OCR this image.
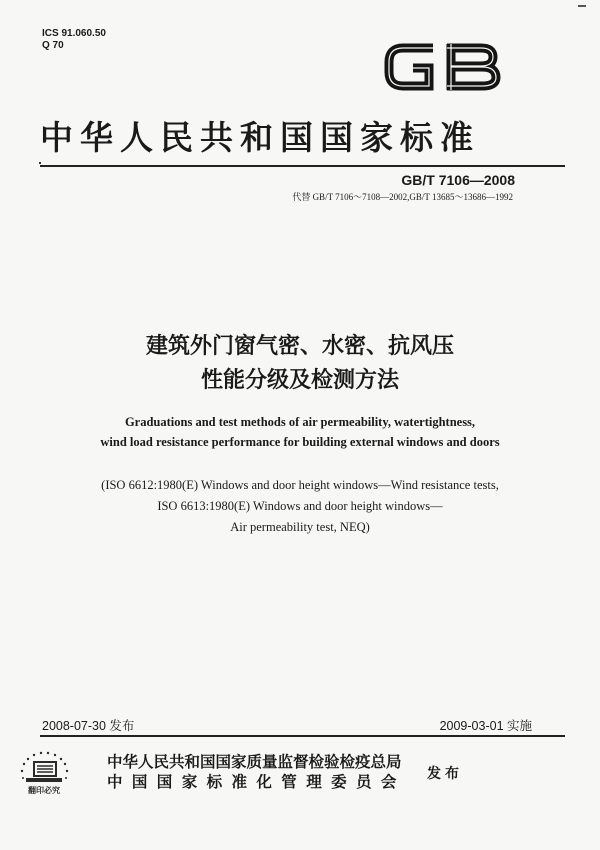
ICS 91.060.50
Q 70
中华人民共和国国家标准
GB/T 7106—2008
代替 GB/T 7106～7108—2002,GB/T 13685～13686—1992
建筑外门窗气密、水密、抗风压
性能分级及检测方法
Graduations and test methods of air permeability, watertightness,
wind load resistance performance for building external windows and doors
(ISO 6612:1980(E) Windows and door height windows—Wind resistance tests,
ISO 6613:1980(E) Windows and door height windows—
Air permeability test, NEQ)
2008-07-30 发布	2009-03-01 实施
翻印必究
中华人民共和国国家质量监督检验检疫总局
中国国家标准化管理委员会 发布
